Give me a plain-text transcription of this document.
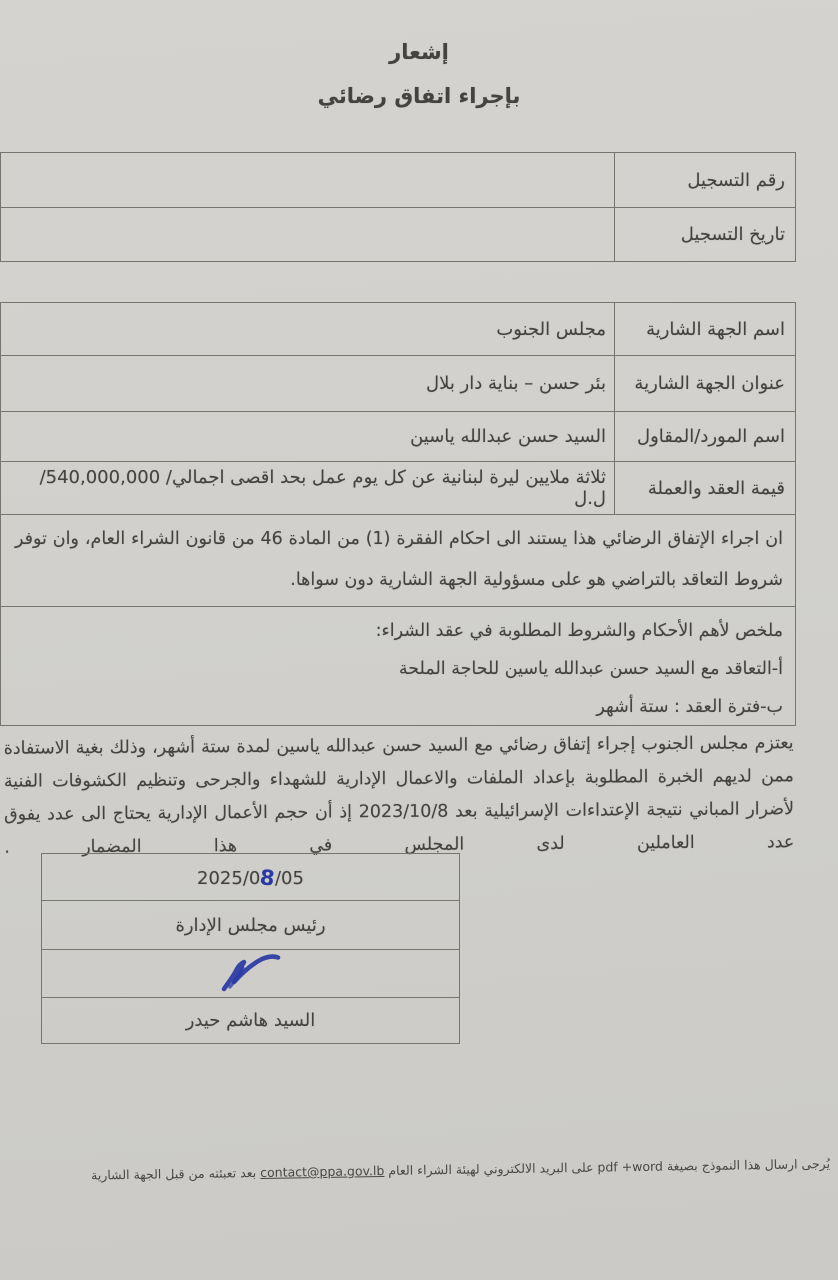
إشعار
بإجراء اتفاق رضائي
رقم التسجيل
تاريخ التسجيل
اسم الجهة الشارية
مجلس الجنوب
عنوان الجهة الشارية
بئر حسن – بناية دار بلال
اسم المورد/المقاول
السيد حسن عبدالله ياسين
قيمة العقد والعملة
ثلاثة ملايين ليرة لبنانية عن كل يوم عمل بحد اقصى اجمالي/ 540,000,000/ ل.ل
ان اجراء الإتفاق الرضائي هذا يستند الى احكام الفقرة (1) من المادة 46 من قانون الشراء العام، وان توفر شروط التعاقد بالتراضي هو على مسؤولية الجهة الشارية دون سواها.
ملخص لأهم الأحكام والشروط المطلوبة في عقد الشراء:
أ-التعاقد مع السيد حسن عبدالله ياسين للحاجة الملحة
ب-فترة العقد : ستة أشهر
يعتزم مجلس الجنوب إجراء إتفاق رضائي مع السيد حسن عبدالله ياسين لمدة ستة أشهر، وذلك بغية الاستفادة ممن لديهم الخبرة المطلوبة بإعداد الملفات والاعمال الإدارية للشهداء والجرحى وتنظيم الكشوفات الفنية لأضرار المباني نتيجة الإعتداءات الإسرائيلية بعد 2023/10/8 إذ أن حجم الأعمال الإدارية يحتاج الى عدد يفوق عدد العاملين لدى المجلس في هذا المضمار .
2025/08/05
رئيس مجلس الإدارة
السيد هاشم حيدر
يُرجى ارسال هذا النموذج بصيغة pdf +word على البريد الالكتروني لهيئة الشراء العام contact@ppa.gov.lb بعد تعبئته من قبل الجهة الشارية
